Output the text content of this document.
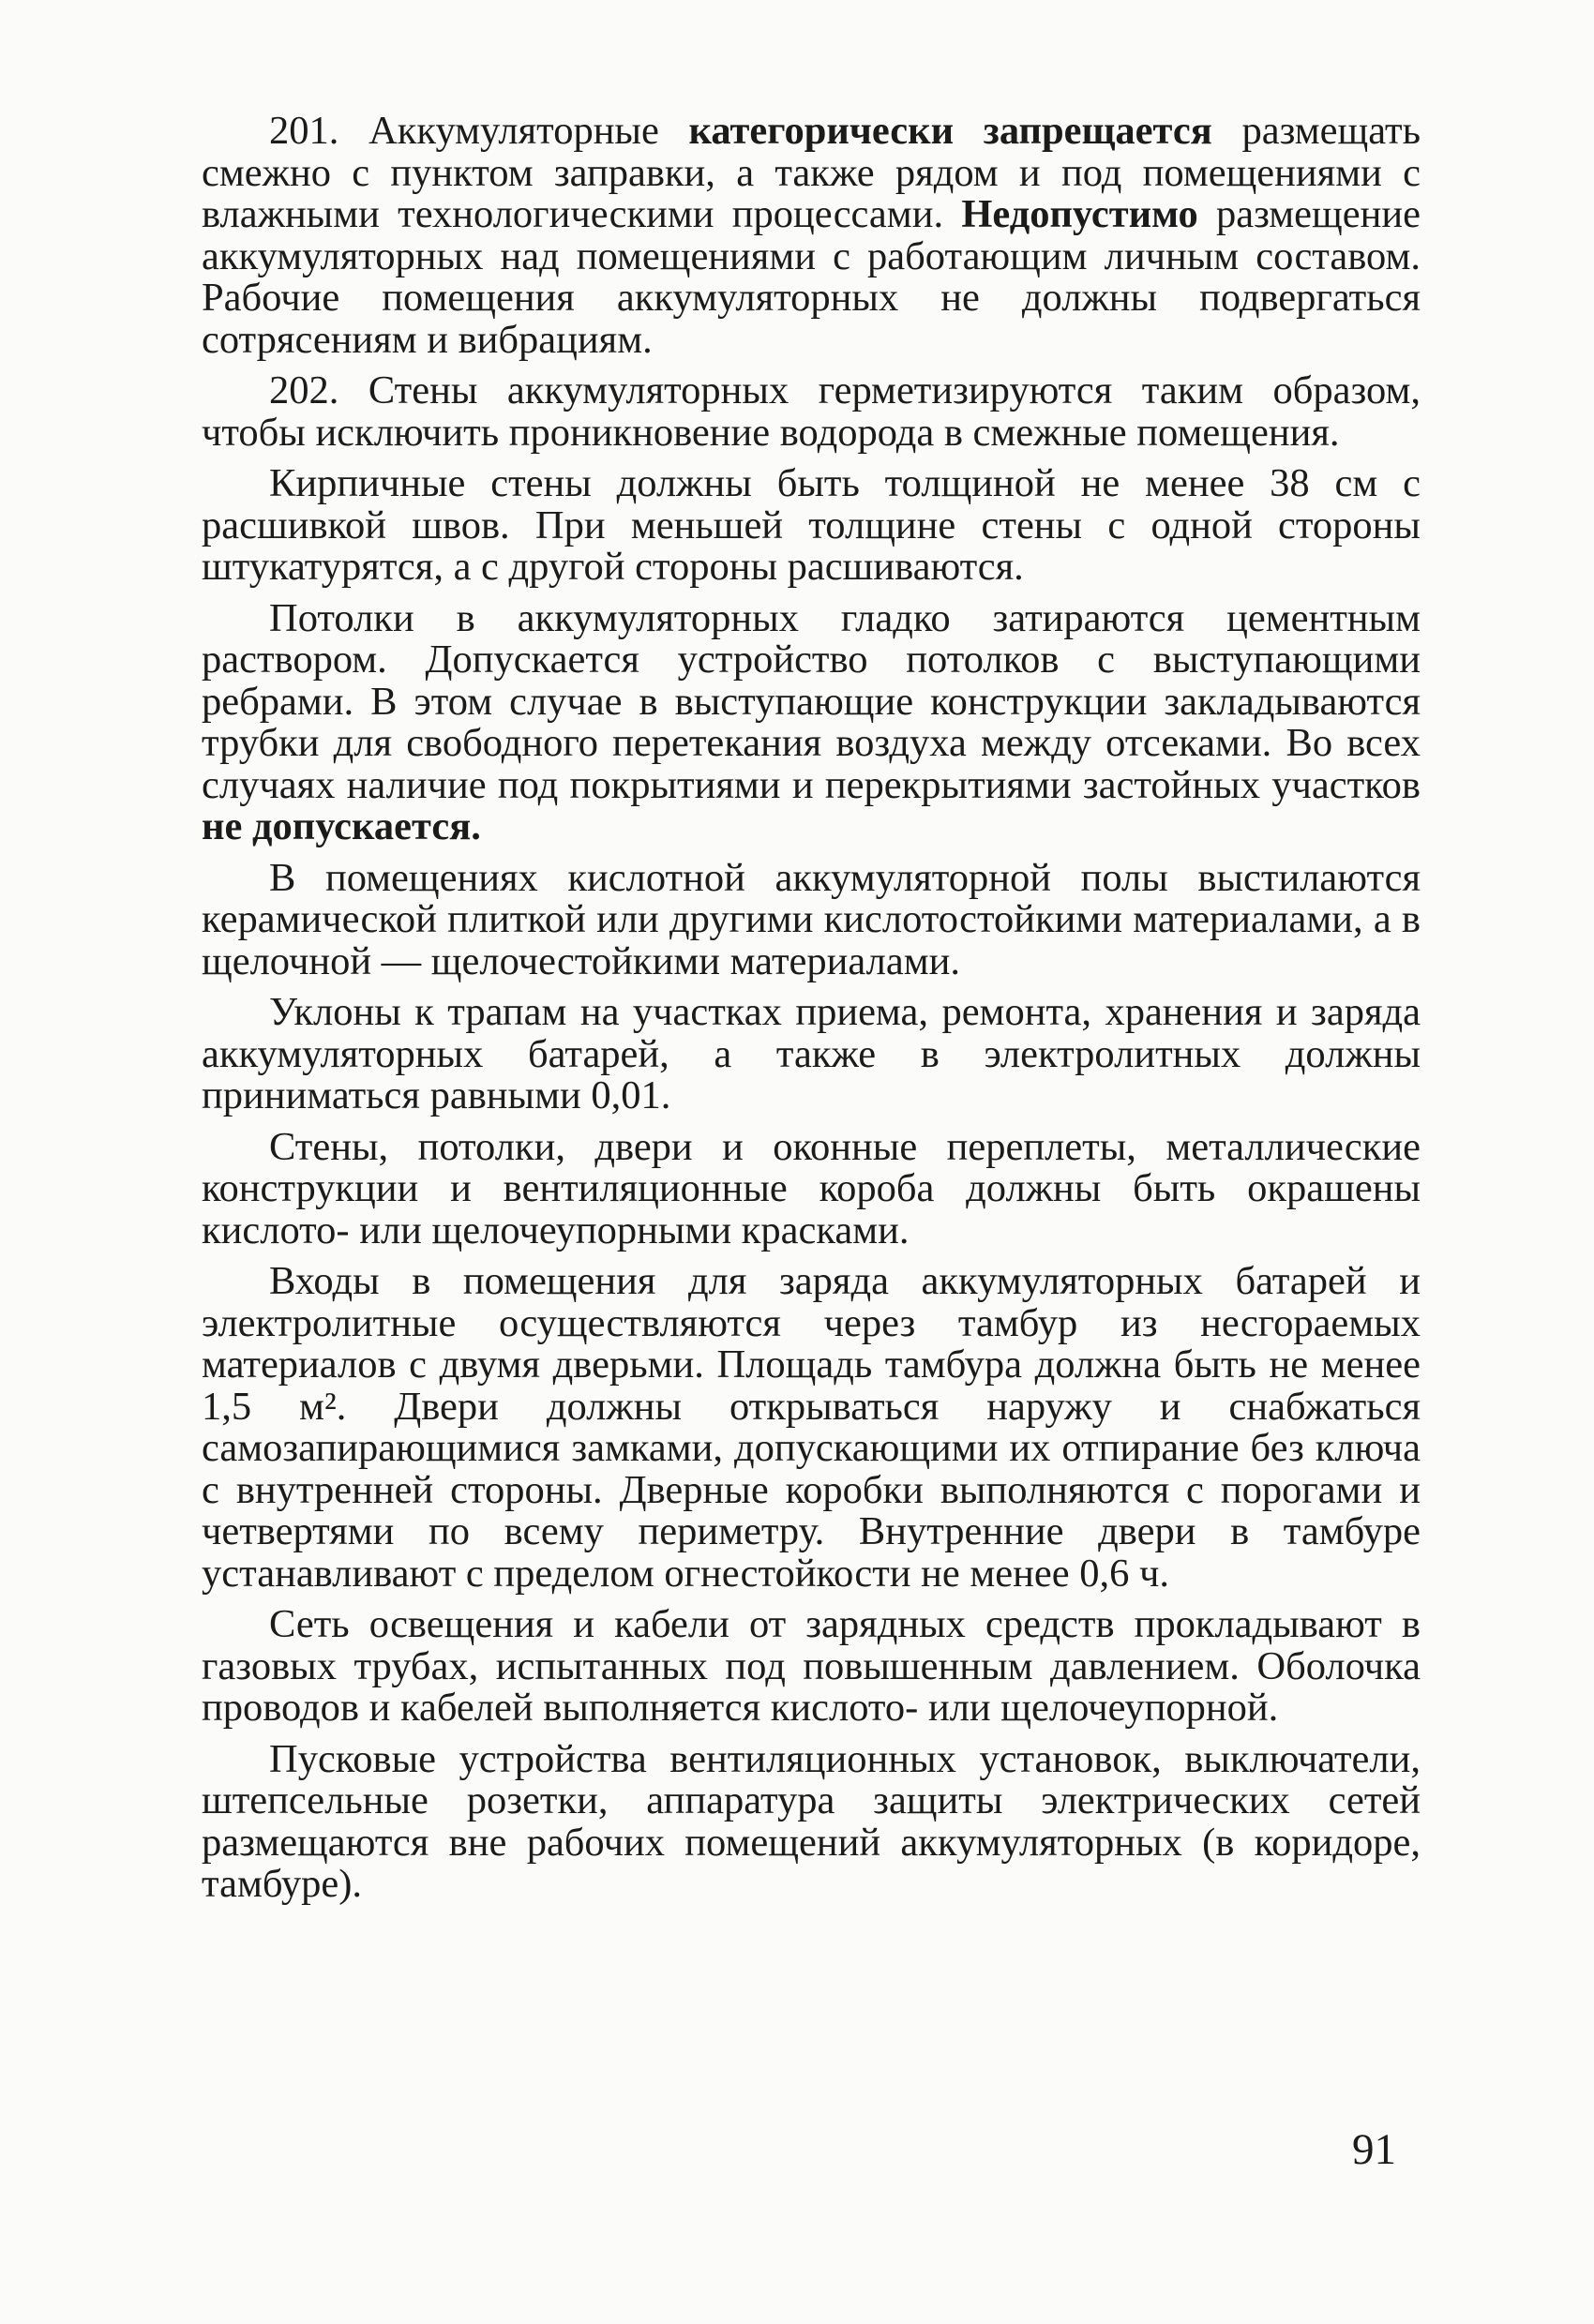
201. Аккумуляторные категорически запрещается размещать смежно с пунктом заправки, а также рядом и под помещениями с влажными технологическими процессами. Недопустимо размещение аккумуляторных над помещениями с работающим личным составом. Рабочие помещения аккумуляторных не должны подвергаться сотрясениям и вибрациям.

202. Стены аккумуляторных герметизируются таким образом, чтобы исключить проникновение водорода в смежные помещения.

Кирпичные стены должны быть толщиной не менее 38 см с расшивкой швов. При меньшей толщине стены с одной стороны штукатурятся, а с другой стороны расшиваются.

Потолки в аккумуляторных гладко затираются цементным раствором. Допускается устройство потолков с выступающими ребрами. В этом случае в выступающие конструкции закладываются трубки для свободного перетекания воздуха между отсеками. Во всех случаях наличие под покрытиями и перекрытиями застойных участков не допускается.

В помещениях кислотной аккумуляторной полы выстилаются керамической плиткой или другими кислотостойкими материалами, а в щелочной — щелочестойкими материалами.

Уклоны к трапам на участках приема, ремонта, хранения и заряда аккумуляторных батарей, а также в электролитных должны приниматься равными 0,01.

Стены, потолки, двери и оконные переплеты, металлические конструкции и вентиляционные короба должны быть окрашены кислото- или щелочеупорными красками.

Входы в помещения для заряда аккумуляторных батарей и электролитные осуществляются через тамбур из несгораемых материалов с двумя дверьми. Площадь тамбура должна быть не менее 1,5 м². Двери должны открываться наружу и снабжаться самозапирающимися замками, допускающими их отпирание без ключа с внутренней стороны. Дверные коробки выполняются с порогами и четвертями по всему периметру. Внутренние двери в тамбуре устанавливают с пределом огнестойкости не менее 0,6 ч.

Сеть освещения и кабели от зарядных средств прокладывают в газовых трубах, испытанных под повышенным давлением. Оболочка проводов и кабелей выполняется кислото- или щелочеупорной.

Пусковые устройства вентиляционных установок, выключатели, штепсельные розетки, аппаратура защиты электрических сетей размещаются вне рабочих помещений аккумуляторных (в коридоре, тамбуре).

91
